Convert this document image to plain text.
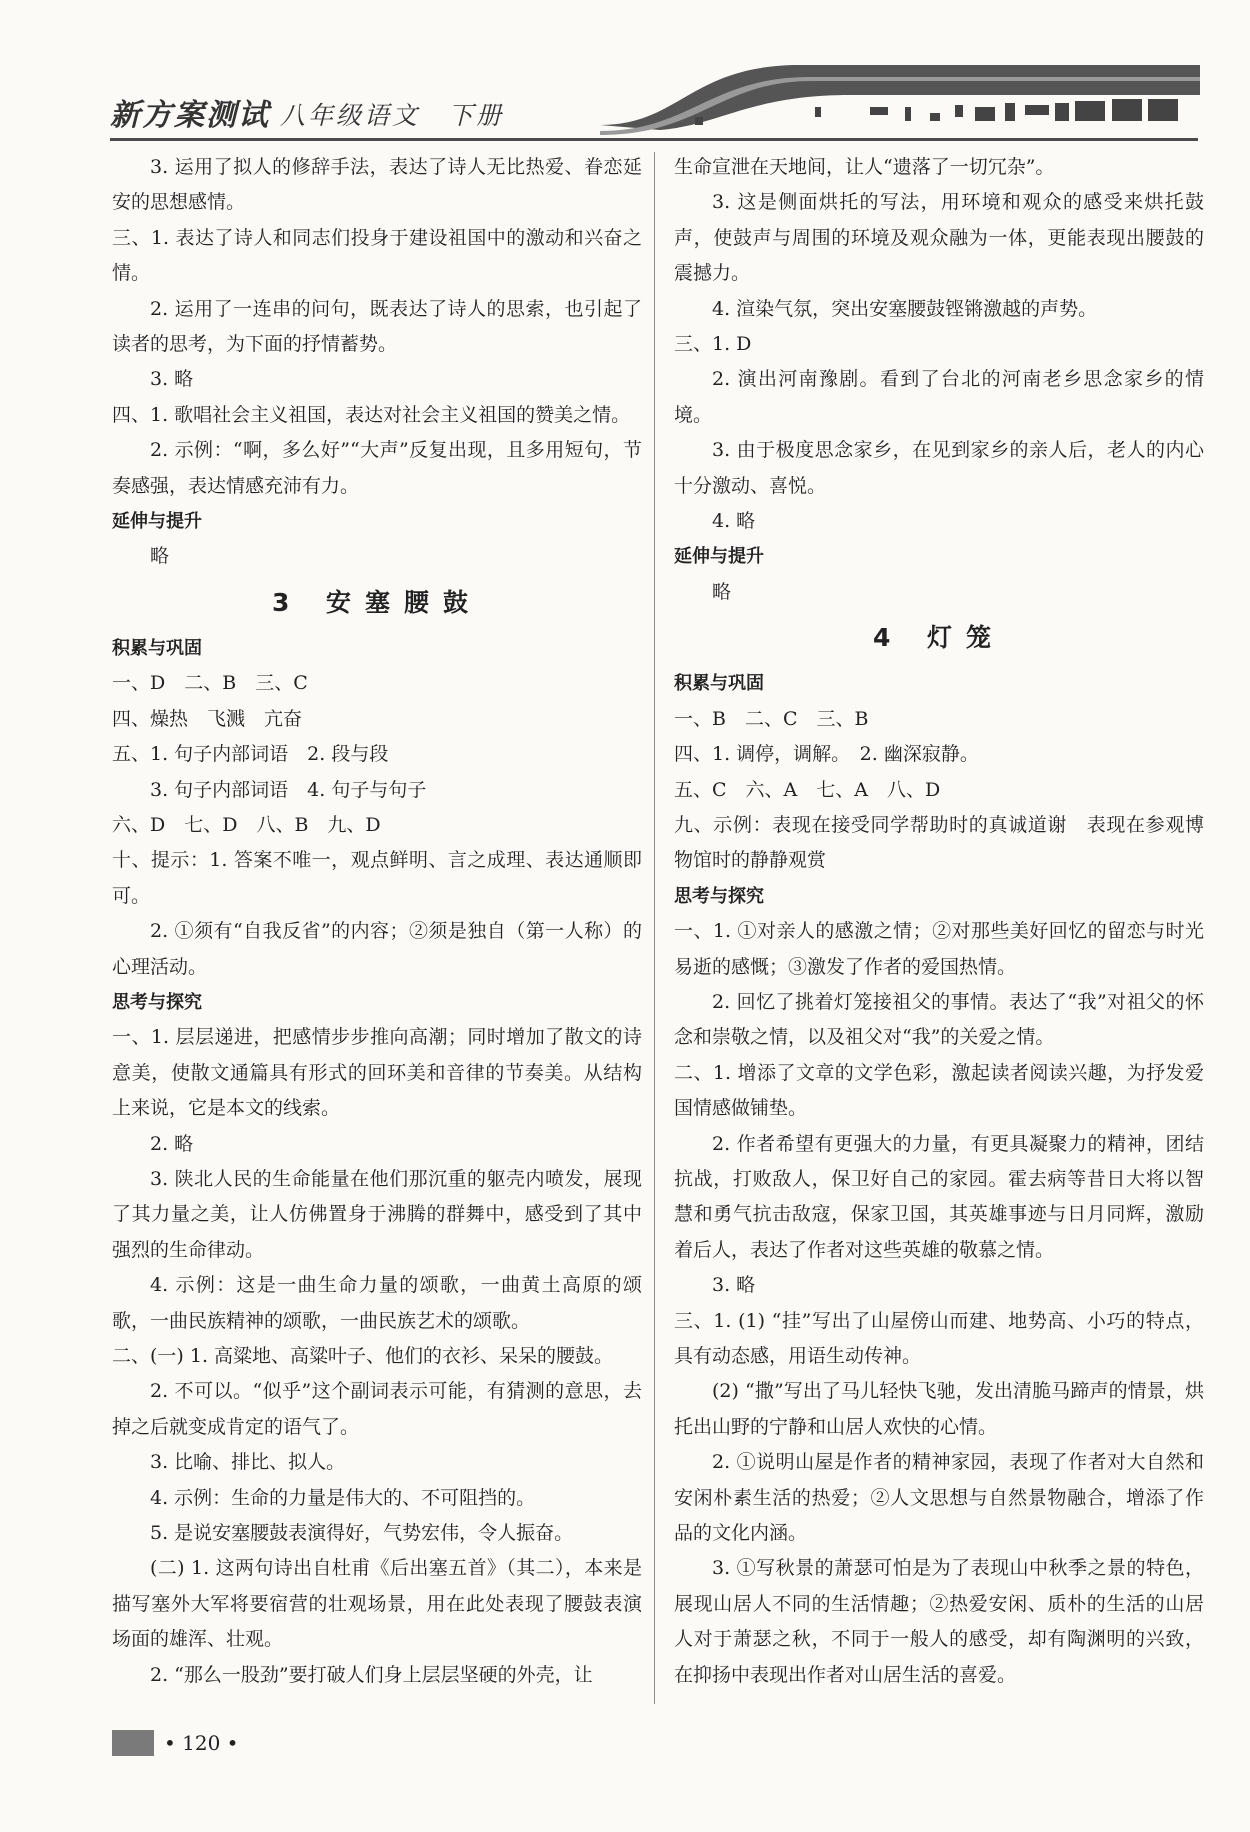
新方案测试 八年级语文　下册

3. 运用了拟人的修辞手法，表达了诗人无比热爱、眷恋延安的思想感情。

三、1. 表达了诗人和同志们投身于建设祖国中的激动和兴奋之情。

2. 运用了一连串的问句，既表达了诗人的思索，也引起了读者的思考，为下面的抒情蓄势。

3. 略

四、1. 歌唱社会主义祖国，表达对社会主义祖国的赞美之情。

2. 示例：“啊，多么好”“大声”反复出现，且多用短句，节奏感强，表达情感充沛有力。

延伸与提升

略

3 安塞腰鼓

积累与巩固

一、D　二、B　三、C

四、燥热　飞溅　亢奋

五、1. 句子内部词语　2. 段与段

3. 句子内部词语　4. 句子与句子

六、D　七、D　八、B　九、D

十、提示：1. 答案不唯一，观点鲜明、言之成理、表达通顺即可。

2. ①须有“自我反省”的内容；②须是独自（第一人称）的心理活动。

思考与探究

一、1. 层层递进，把感情步步推向高潮；同时增加了散文的诗意美，使散文通篇具有形式的回环美和音律的节奏美。从结构上来说，它是本文的线索。

2. 略

3. 陕北人民的生命能量在他们那沉重的躯壳内喷发，展现了其力量之美，让人仿佛置身于沸腾的群舞中，感受到了其中强烈的生命律动。

4. 示例：这是一曲生命力量的颂歌，一曲黄土高原的颂歌，一曲民族精神的颂歌，一曲民族艺术的颂歌。

二、(一) 1. 高粱地、高粱叶子、他们的衣衫、呆呆的腰鼓。

2. 不可以。“似乎”这个副词表示可能，有猜测的意思，去掉之后就变成肯定的语气了。

3. 比喻、排比、拟人。

4. 示例：生命的力量是伟大的、不可阻挡的。

5. 是说安塞腰鼓表演得好，气势宏伟，令人振奋。

(二) 1. 这两句诗出自杜甫《后出塞五首》（其二），本来是描写塞外大军将要宿营的壮观场景，用在此处表现了腰鼓表演场面的雄浑、壮观。

2. “那么一股劲”要打破人们身上层层坚硬的外壳，让

生命宣泄在天地间，让人“遗落了一切冗杂”。

3. 这是侧面烘托的写法，用环境和观众的感受来烘托鼓声，使鼓声与周围的环境及观众融为一体，更能表现出腰鼓的震撼力。

4. 渲染气氛，突出安塞腰鼓铿锵激越的声势。

三、1. D

2. 演出河南豫剧。看到了台北的河南老乡思念家乡的情境。

3. 由于极度思念家乡，在见到家乡的亲人后，老人的内心十分激动、喜悦。

4. 略

延伸与提升

略

4 灯笼

积累与巩固

一、B　二、C　三、B

四、1. 调停，调解。　2. 幽深寂静。

五、C　六、A　七、A　八、D

九、示例：表现在接受同学帮助时的真诚道谢　表现在参观博物馆时的静静观赏

思考与探究

一、1. ①对亲人的感激之情；②对那些美好回忆的留恋与时光易逝的感慨；③激发了作者的爱国热情。

2. 回忆了挑着灯笼接祖父的事情。表达了“我”对祖父的怀念和崇敬之情，以及祖父对“我”的关爱之情。

二、1. 增添了文章的文学色彩，激起读者阅读兴趣，为抒发爱国情感做铺垫。

2. 作者希望有更强大的力量，有更具凝聚力的精神，团结抗战，打败敌人，保卫好自己的家园。霍去病等昔日大将以智慧和勇气抗击敌寇，保家卫国，其英雄事迹与日月同辉，激励着后人，表达了作者对这些英雄的敬慕之情。

3. 略

三、1. (1) “挂”写出了山屋傍山而建、地势高、小巧的特点，具有动态感，用语生动传神。

(2) “撒”写出了马儿轻快飞驰，发出清脆马蹄声的情景，烘托出山野的宁静和山居人欢快的心情。

2. ①说明山屋是作者的精神家园，表现了作者对大自然和安闲朴素生活的热爱；②人文思想与自然景物融合，增添了作品的文化内涵。

3. ①写秋景的萧瑟可怕是为了表现山中秋季之景的特色，展现山居人不同的生活情趣；②热爱安闲、质朴的生活的山居人对于萧瑟之秋，不同于一般人的感受，却有陶渊明的兴致，在抑扬中表现出作者对山居生活的喜爱。

• 120 •
